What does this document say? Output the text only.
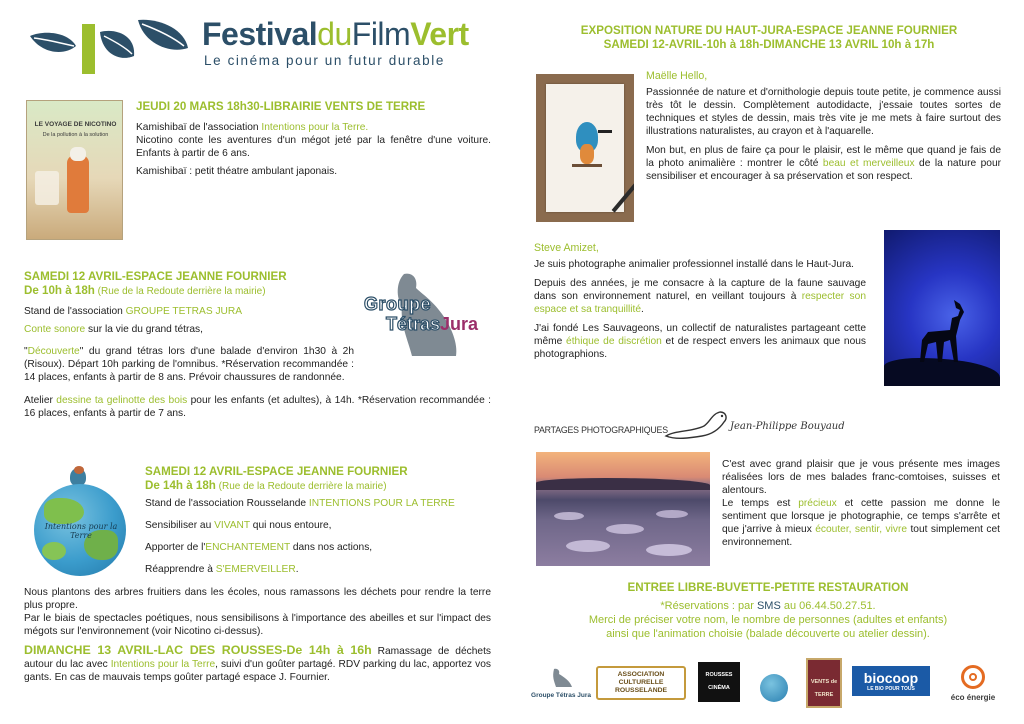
FestivalduFilmVert
Le cinéma pour un futur durable
LE VOYAGE DE NICOTINO
De la pollution à la solution
JEUDI 20 MARS 18h30-LIBRAIRIE VENTS DE TERRE

Kamishibaï de l'association Intentions pour la Terre.

Nicotino conte les aventures d'un mégot jeté par la fenêtre d'une voiture. Enfants à partir de 6 ans.

Kamishibaï : petit théatre ambulant japonais.

SAMEDI 12 AVRIL-ESPACE JEANNE FOURNIER
De 10h à 18h (Rue de la Redoute derrière la mairie)

Stand de l'association GROUPE TETRAS JURA

Conte sonore sur la vie du grand tétras,

"Découverte" du grand tétras lors d'une balade d'environ 1h30 à 2h (Risoux). Départ 10h parking de l'omnibus. *Réservation recommandée : 14 places, enfants à partir de 8 ans. Prévoir chaussures de randonnée.

Atelier dessine ta gelinotte des bois pour les enfants (et adultes), à 14h. *Réservation recommandée : 16 places, enfants à partir de 7 ans.
Groupe
TétrasJura
Intentions pour la Terre
SAMEDI 12 AVRIL-ESPACE JEANNE FOURNIER
De 14h à 18h (Rue de la Redoute derrière la mairie)

Stand de l'association Rousselande INTENTIONS POUR LA TERRE

Sensibiliser au VIVANT qui nous entoure,

Apporter de l'ENCHANTEMENT dans nos actions,

Réapprendre à S'EMERVEILLER.

Nous plantons des arbres fruitiers dans les écoles, nous ramassons les déchets pour rendre la terre plus propre.

Par le biais de spectacles poétiques, nous sensibilisons à l'importance des abeilles et sur l'impact des mégots sur l'environnement (voir Nicotino ci-dessus).

DIMANCHE 13 AVRIL-LAC DES ROUSSES-De 14h à 16h Ramassage de déchets autour du lac avec Intentions pour la Terre, suivi d'un goûter partagé. RDV parking du lac, apportez vos gants. En cas de mauvais temps goûter partagé espace J. Fournier.
EXPOSITION NATURE DU HAUT-JURA-ESPACE JEANNE FOURNIER
SAMEDI 12-AVRIL-10h à 18h-DIMANCHE 13 AVRIL 10h à 17h
Maëlle Hello,

Passionnée de nature et d'ornithologie depuis toute petite, je commence aussi très tôt le dessin. Complètement autodidacte, j'essaie toutes sortes de techniques et styles de dessin, mais très vite je me mets à faire surtout des illustrations naturalistes, au crayon et à l'aquarelle.

Mon but, en plus de faire ça pour le plaisir, est le même que quand je fais de la photo animalière : montrer le côté beau et merveilleux de la nature pour sensibiliser et encourager à sa préservation et son respect.

Steve Amizet,

Je suis photographe animalier professionnel installé dans le Haut-Jura.

Depuis des années, je me consacre à la capture de la faune sauvage dans son environnement naturel, en veillant toujours à respecter son espace et sa tranquillité.

J'ai fondé Les Sauvageons, un collectif de naturalistes partageant cette même éthique de discrétion et de respect envers les animaux que nous photographions.

PARTAGES PHOTOGRAPHIQUES	Jean-Philippe Bouyaud

C'est avec grand plaisir que je vous présente mes images réalisées lors de mes balades franc-comtoises, suisses et alentours.

Le temps est précieux et cette passion me donne le sentiment que lorsque je photographie, ce temps s'arrête et que j'arrive à mieux écouter, sentir, vivre tout simplement cet environnement.

ENTREE LIBRE-BUVETTE-PETITE RESTAURATION
*Réservations : par SMS au 06.44.50.27.51.
Merci de préciser votre nom, le nombre de personnes (adultes et enfants)
ainsi que l'animation choisie (balade découverte ou atelier dessin).
Groupe Tétras Jura
ASSOCIATION
CULTURELLE
ROUSSELANDE
ROUSSES CINÉMA
VENTS de TERRE
biocoop
LE BIO POUR TOUS
éco énergie
